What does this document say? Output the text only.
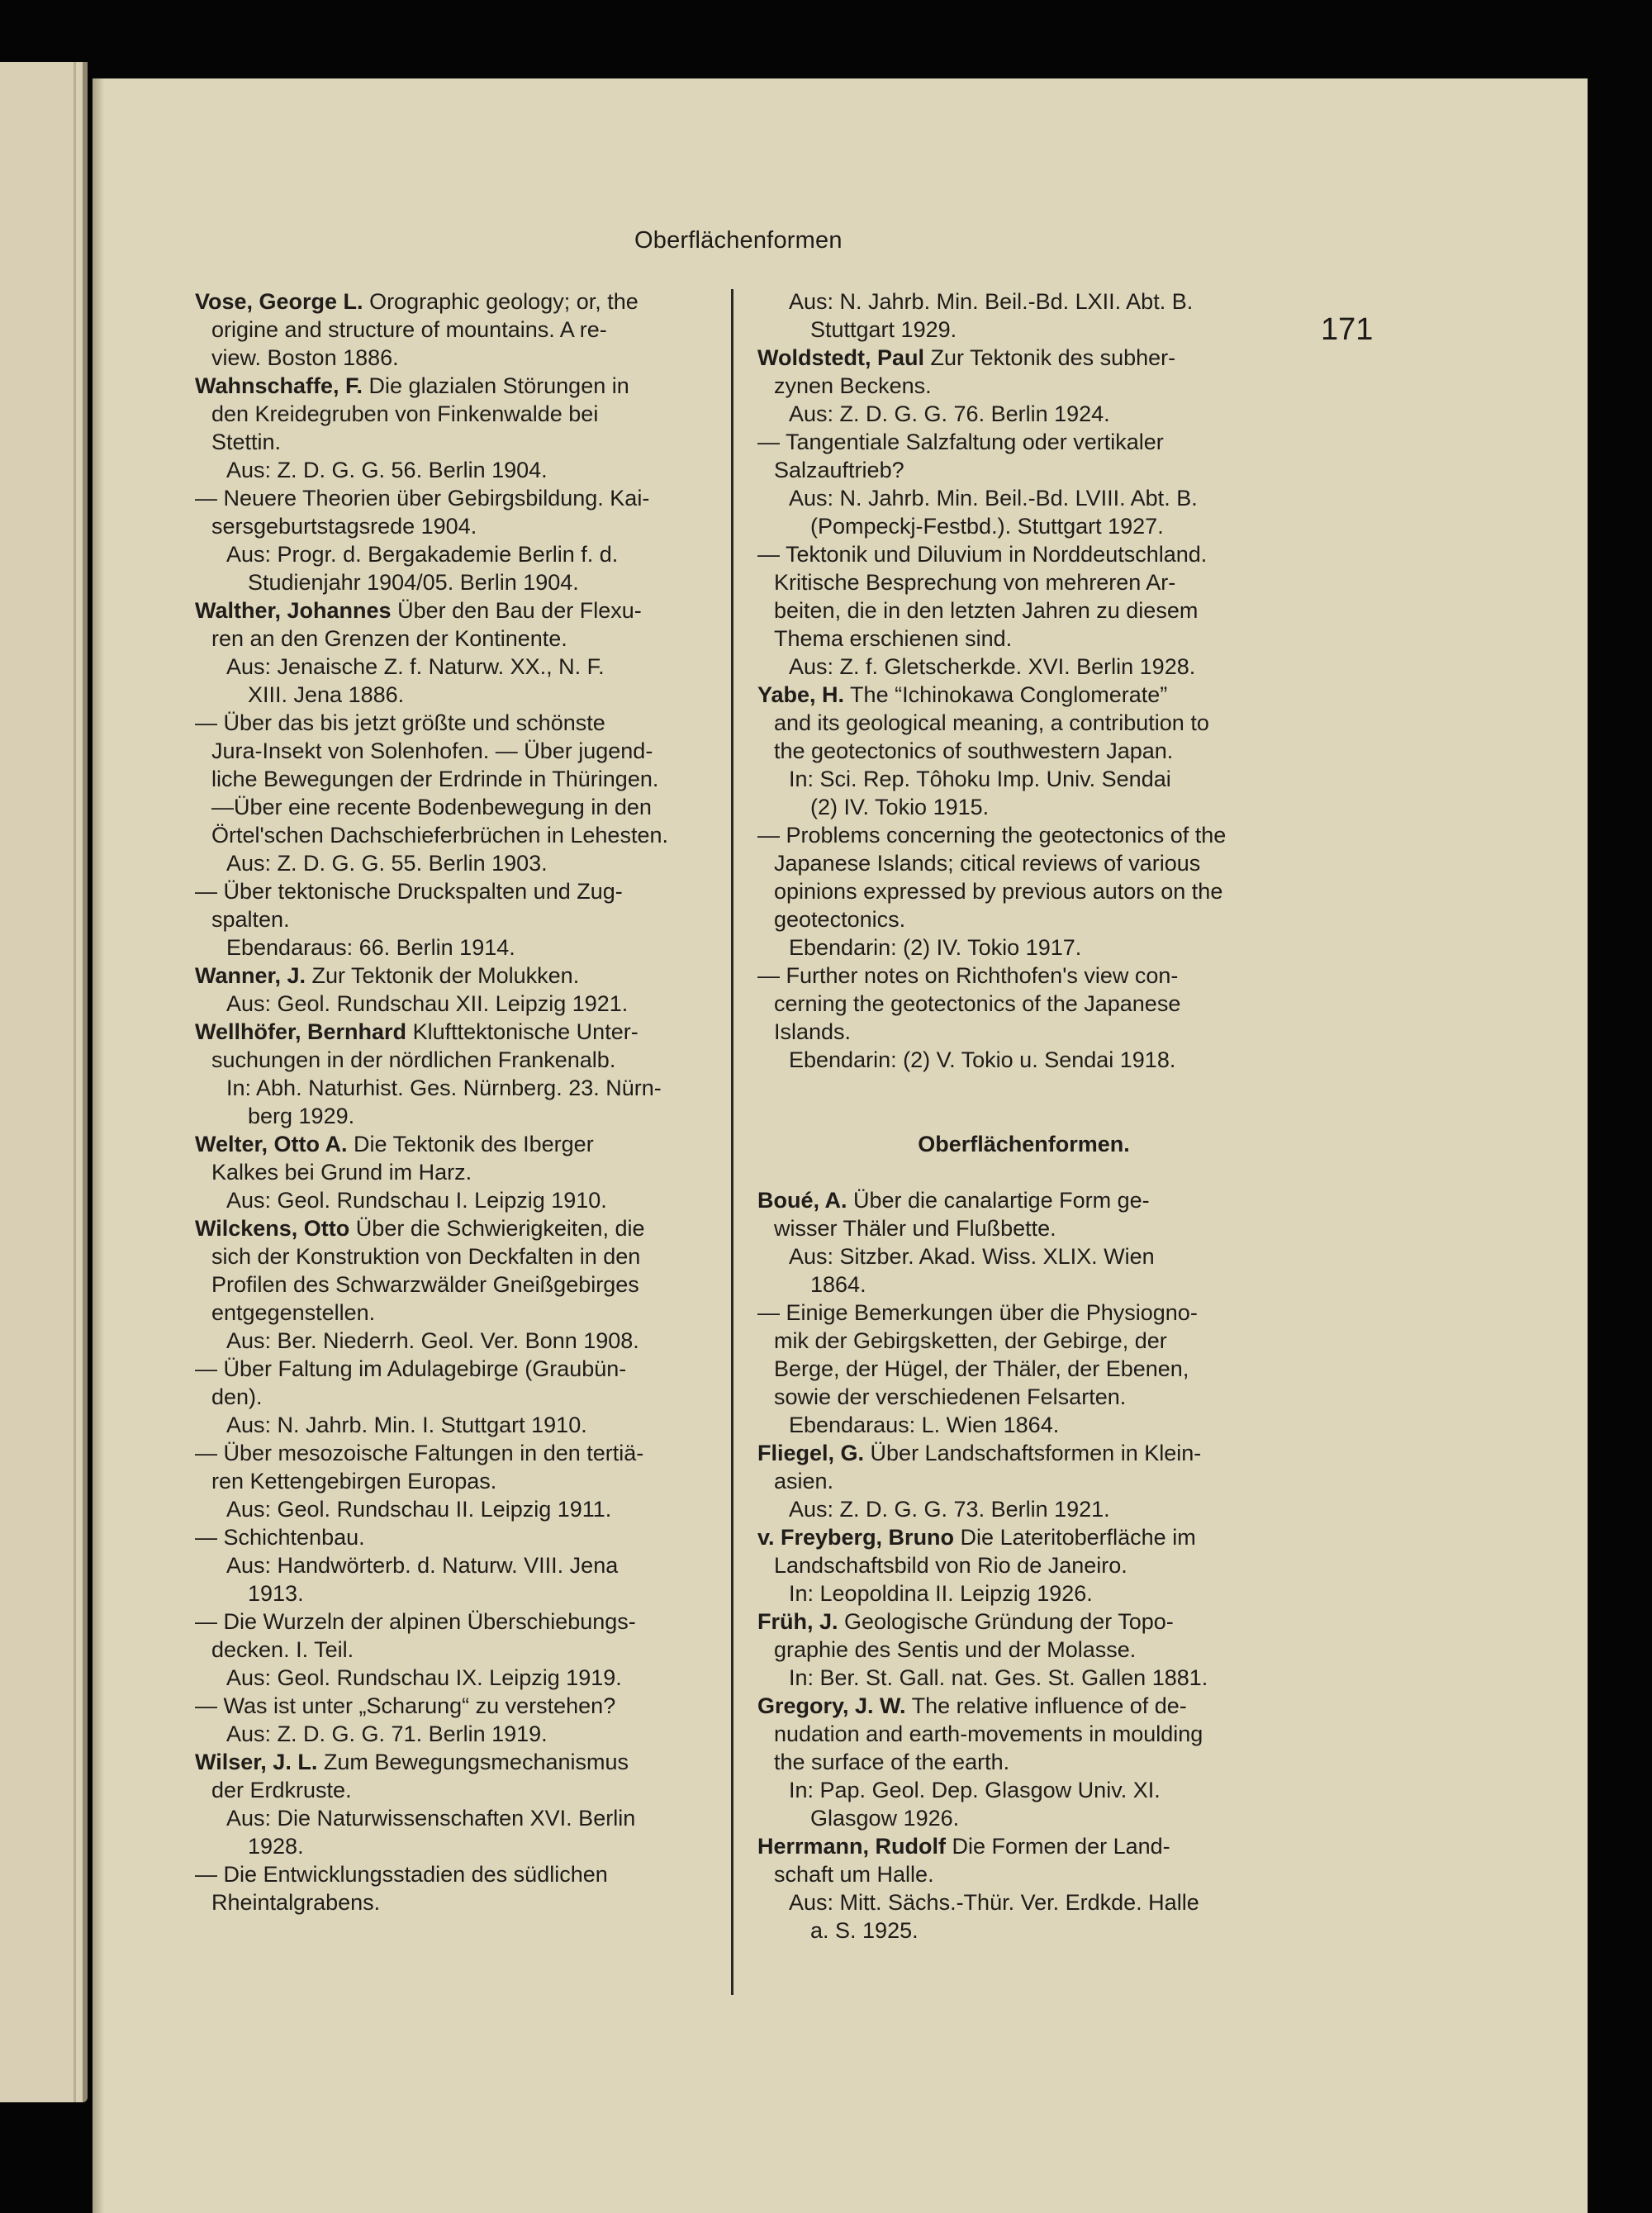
Oberflächenformen
171
Vose, George L. Orographic geology; or, the
origine and structure of mountains. A re-
view. Boston 1886.
Wahnschaffe, F. Die glazialen Störungen in
den Kreidegruben von Finkenwalde bei
Stettin.
Aus: Z. D. G. G. 56. Berlin 1904.
— Neuere Theorien über Gebirgsbildung. Kai-
sersgeburtstagsrede 1904.
Aus: Progr. d. Bergakademie Berlin f. d.
Studienjahr 1904/05. Berlin 1904.
Walther, Johannes Über den Bau der Flexu-
ren an den Grenzen der Kontinente.
Aus: Jenaische Z. f. Naturw. XX., N. F.
XIII. Jena 1886.
— Über das bis jetzt größte und schönste
Jura-Insekt von Solenhofen. — Über jugend-
liche Bewegungen der Erdrinde in Thüringen.
—Über eine recente Bodenbewegung in den
Örtel'schen Dachschieferbrüchen in Lehesten.
Aus: Z. D. G. G. 55. Berlin 1903.
— Über tektonische Druckspalten und Zug-
spalten.
Ebendaraus: 66. Berlin 1914.
Wanner, J. Zur Tektonik der Molukken.
Aus: Geol. Rundschau XII. Leipzig 1921.
Wellhöfer, Bernhard Klufttektonische Unter-
suchungen in der nördlichen Frankenalb.
In: Abh. Naturhist. Ges. Nürnberg. 23. Nürn-
berg 1929.
Welter, Otto A. Die Tektonik des Iberger
Kalkes bei Grund im Harz.
Aus: Geol. Rundschau I. Leipzig 1910.
Wilckens, Otto Über die Schwierigkeiten, die
sich der Konstruktion von Deckfalten in den
Profilen des Schwarzwälder Gneißgebirges
entgegenstellen.
Aus: Ber. Niederrh. Geol. Ver. Bonn 1908.
— Über Faltung im Adulagebirge (Graubün-
den).
Aus: N. Jahrb. Min. I. Stuttgart 1910.
— Über mesozoische Faltungen in den tertiä-
ren Kettengebirgen Europas.
Aus: Geol. Rundschau II. Leipzig 1911.
— Schichtenbau.
Aus: Handwörterb. d. Naturw. VIII. Jena
1913.
— Die Wurzeln der alpinen Überschiebungs-
decken. I. Teil.
Aus: Geol. Rundschau IX. Leipzig 1919.
— Was ist unter „Scharung“ zu verstehen?
Aus: Z. D. G. G. 71. Berlin 1919.
Wilser, J. L. Zum Bewegungsmechanismus
der Erdkruste.
Aus: Die Naturwissenschaften XVI. Berlin
1928.
— Die Entwicklungsstadien des südlichen
Rheintalgrabens.
Aus: N. Jahrb. Min. Beil.-Bd. LXII. Abt. B.
Stuttgart 1929.
Woldstedt, Paul Zur Tektonik des subher-
zynen Beckens.
Aus: Z. D. G. G. 76. Berlin 1924.
— Tangentiale Salzfaltung oder vertikaler
Salzauftrieb?
Aus: N. Jahrb. Min. Beil.-Bd. LVIII. Abt. B.
(Pompeckj-Festbd.). Stuttgart 1927.
— Tektonik und Diluvium in Norddeutschland.
Kritische Besprechung von mehreren Ar-
beiten, die in den letzten Jahren zu diesem
Thema erschienen sind.
Aus: Z. f. Gletscherkde. XVI. Berlin 1928.
Yabe, H. The “Ichinokawa Conglomerate”
and its geological meaning, a contribution to
the geotectonics of southwestern Japan.
In: Sci. Rep. Tôhoku Imp. Univ. Sendai
(2) IV. Tokio 1915.
— Problems concerning the geotectonics of the
Japanese Islands; citical reviews of various
opinions expressed by previous autors on the
geotectonics.
Ebendarin: (2) IV. Tokio 1917.
— Further notes on Richthofen's view con-
cerning the geotectonics of the Japanese
Islands.
Ebendarin: (2) V. Tokio u. Sendai 1918.
Oberflächenformen.
Boué, A. Über die canalartige Form ge-
wisser Thäler und Flußbette.
Aus: Sitzber. Akad. Wiss. XLIX. Wien
1864.
— Einige Bemerkungen über die Physiogno-
mik der Gebirgsketten, der Gebirge, der
Berge, der Hügel, der Thäler, der Ebenen,
sowie der verschiedenen Felsarten.
Ebendaraus: L. Wien 1864.
Fliegel, G. Über Landschaftsformen in Klein-
asien.
Aus: Z. D. G. G. 73. Berlin 1921.
v. Freyberg, Bruno Die Lateritoberfläche im
Landschaftsbild von Rio de Janeiro.
In: Leopoldina II. Leipzig 1926.
Früh, J. Geologische Gründung der Topo-
graphie des Sentis und der Molasse.
In: Ber. St. Gall. nat. Ges. St. Gallen 1881.
Gregory, J. W. The relative influence of de-
nudation and earth-movements in moulding
the surface of the earth.
In: Pap. Geol. Dep. Glasgow Univ. XI.
Glasgow 1926.
Herrmann, Rudolf Die Formen der Land-
schaft um Halle.
Aus: Mitt. Sächs.-Thür. Ver. Erdkde. Halle
a. S. 1925.
